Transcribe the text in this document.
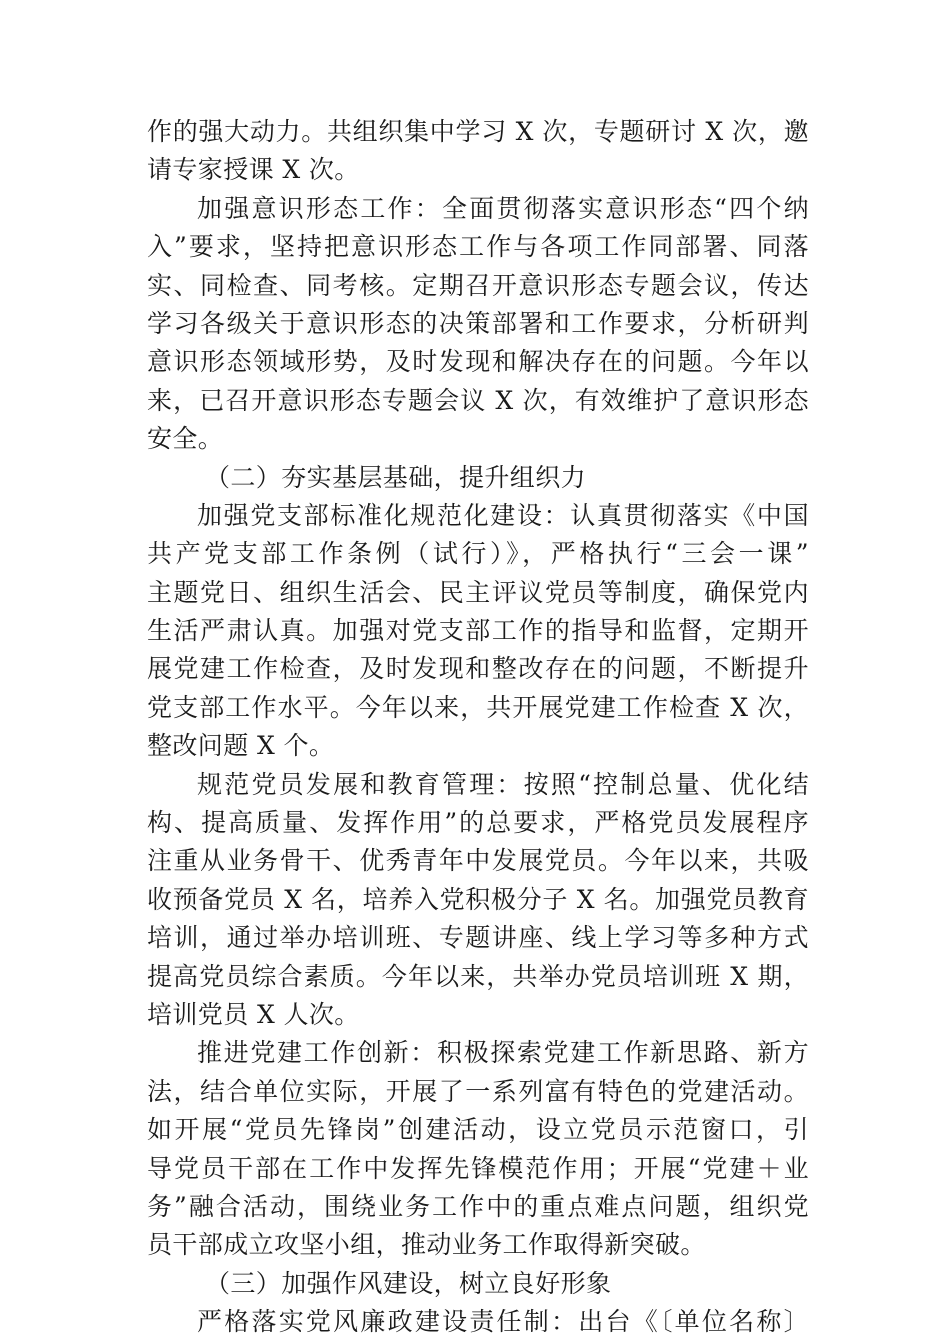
作的强大动力。共组织集中学习 X 次，专题研讨 X 次，邀
请专家授课 X 次。
加强意识形态工作：全面贯彻落实意识形态“四个纳
入”要求，坚持把意识形态工作与各项工作同部署、同落
实、同检查、同考核。定期召开意识形态专题会议，传达
学习各级关于意识形态的决策部署和工作要求，分析研判
意识形态领域形势，及时发现和解决存在的问题。今年以
来，已召开意识形态专题会议 X 次，有效维护了意识形态
安全。
（二）夯实基层基础，提升组织力
加强党支部标准化规范化建设：认真贯彻落实《中国
共产党支部工作条例（试行）》，严格执行“三会一课”
主题党日、组织生活会、民主评议党员等制度，确保党内
生活严肃认真。加强对党支部工作的指导和监督，定期开
展党建工作检查，及时发现和整改存在的问题，不断提升
党支部工作水平。今年以来，共开展党建工作检查 X 次，
整改问题 X 个。
规范党员发展和教育管理：按照“控制总量、优化结
构、提高质量、发挥作用”的总要求，严格党员发展程序
注重从业务骨干、优秀青年中发展党员。今年以来，共吸
收预备党员 X 名，培养入党积极分子 X 名。加强党员教育
培训，通过举办培训班、专题讲座、线上学习等多种方式
提高党员综合素质。今年以来，共举办党员培训班 X 期，
培训党员 X 人次。
推进党建工作创新：积极探索党建工作新思路、新方
法，结合单位实际，开展了一系列富有特色的党建活动。
如开展“党员先锋岗”创建活动，设立党员示范窗口，引
导党员干部在工作中发挥先锋模范作用；开展“党建＋业
务”融合活动，围绕业务工作中的重点难点问题，组织党
员干部成立攻坚小组，推动业务工作取得新突破。
（三）加强作风建设，树立良好形象
严格落实党风廉政建设责任制：出台《〔单位名称〕
